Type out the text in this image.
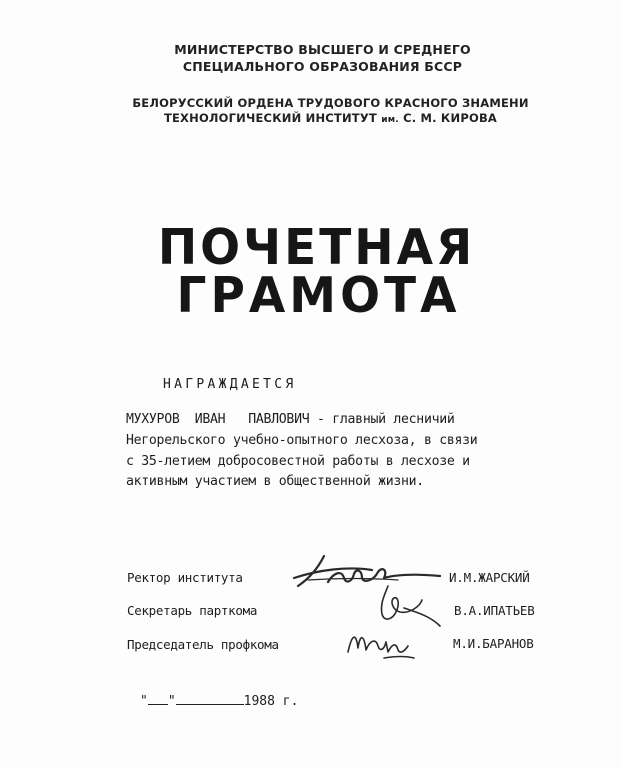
МИНИСТЕРСТВО ВЫСШЕГО И СРЕДНЕГО
СПЕЦИАЛЬНОГО ОБРАЗОВАНИЯ БССР
БЕЛОРУССКИЙ ОРДЕНА ТРУДОВОГО КРАСНОГО ЗНАМЕНИ
ТЕХНОЛОГИЧЕСКИЙ ИНСТИТУТ им. С. М. КИРОВА
ПОЧЕТНАЯ
ГРАМОТА
НАГРАЖДАЕТСЯ
МУХУРОВ  ИВАН   ПАВЛОВИЧ - главный лесничий
Негорельского учебно-опытного лесхоза, в связи
с 35-летием добросовестной работы в лесхозе и
активным участием в общественной жизни.
Ректор института
Секретарь парткома
Председатель профкома
И.М.ЖАРСКИЙ
В.А.ИПАТЬЕВ
М.И.БАРАНОВ
" "	1988 г.
